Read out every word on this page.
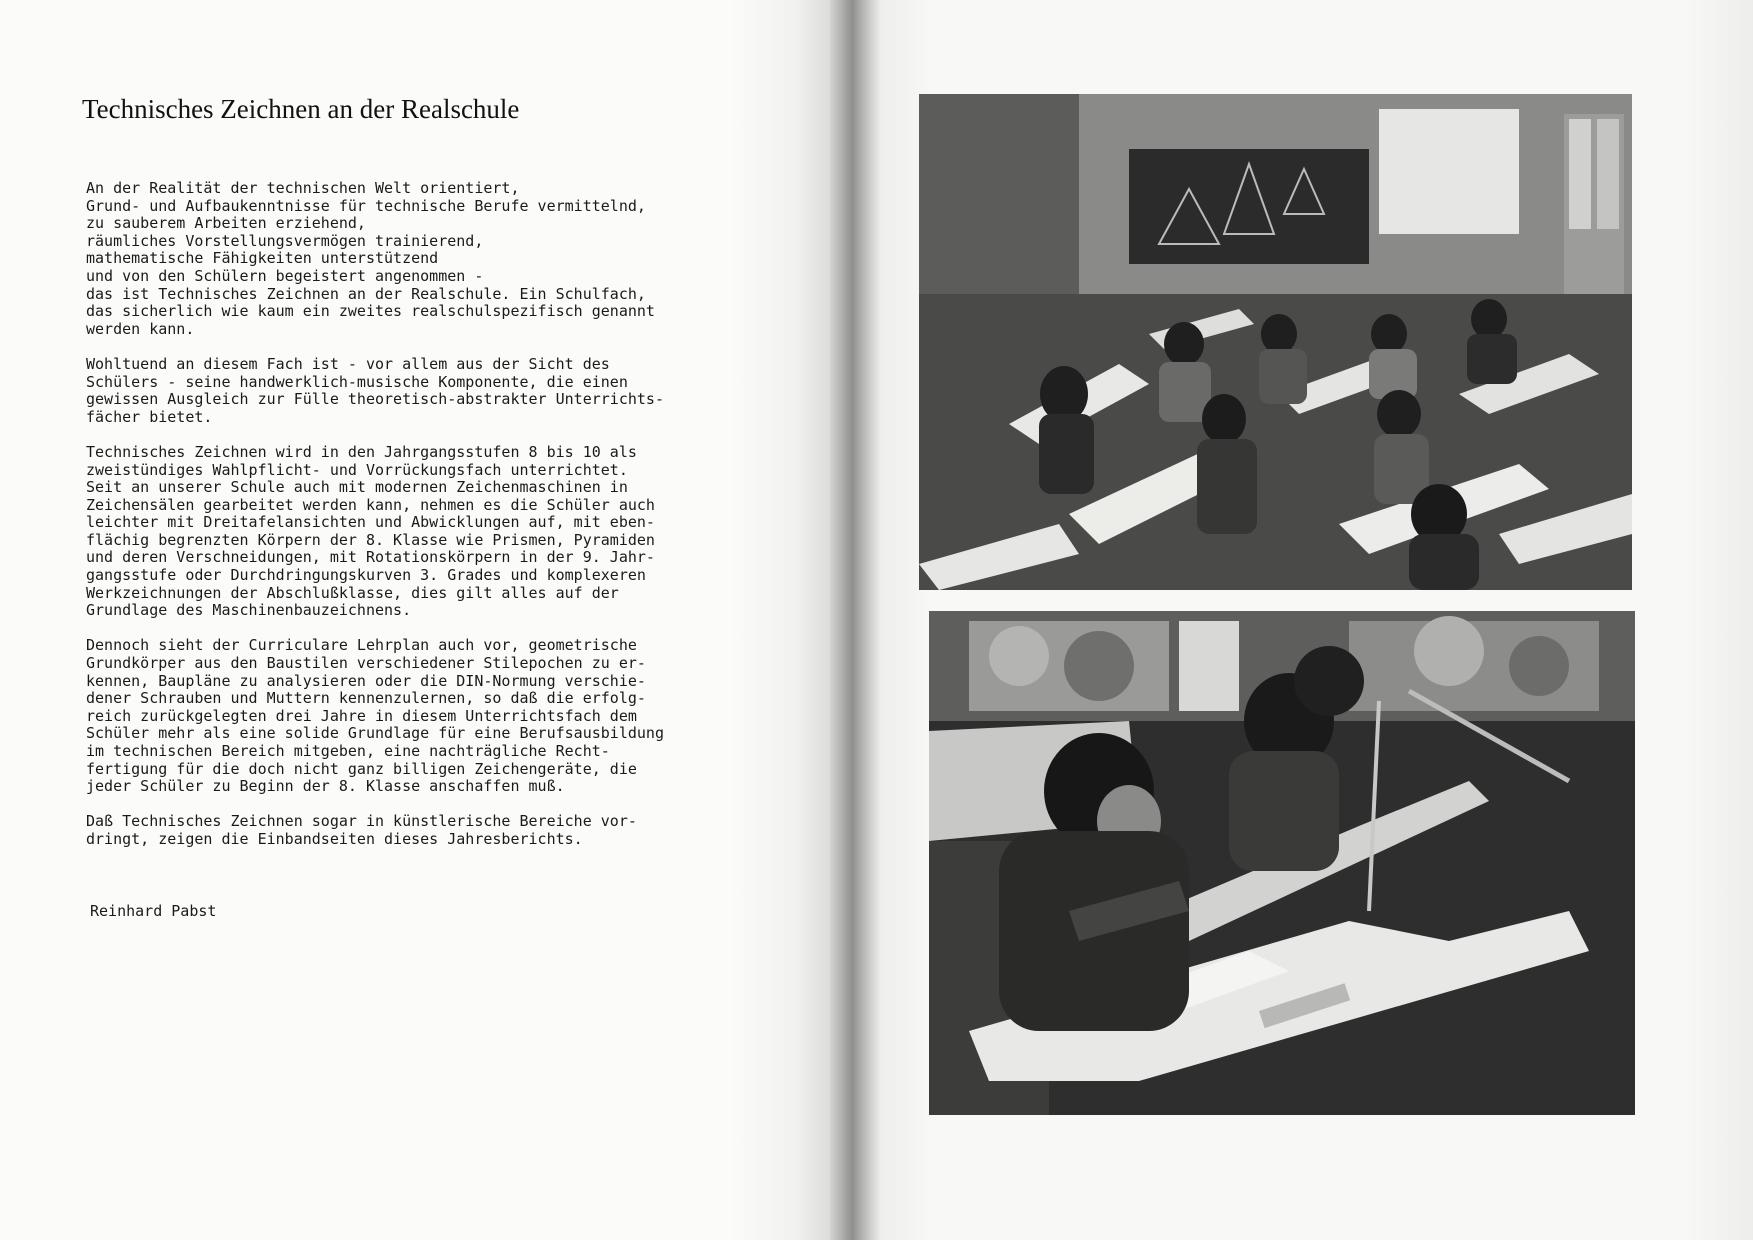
Technisches Zeichnen an der Realschule

An der Realität der technischen Welt orientiert,
Grund- und Aufbaukenntnisse für technische Berufe vermittelnd,
zu sauberem Arbeiten erziehend,
räumliches Vorstellungsvermögen trainierend,
mathematische Fähigkeiten unterstützend
und von den Schülern begeistert angenommen -
das ist Technisches Zeichnen an der Realschule. Ein Schulfach,
das sicherlich wie kaum ein zweites realschulspezifisch genannt
werden kann.

Wohltuend an diesem Fach ist - vor allem aus der Sicht des
Schülers - seine handwerklich-musische Komponente, die einen
gewissen Ausgleich zur Fülle theoretisch-abstrakter Unterrichts-
fächer bietet.

Technisches Zeichnen wird in den Jahrgangsstufen 8 bis 10 als
zweistündiges Wahlpflicht- und Vorrückungsfach unterrichtet.
Seit an unserer Schule auch mit modernen Zeichenmaschinen in
Zeichensälen gearbeitet werden kann, nehmen es die Schüler auch
leichter mit Dreitafelansichten und Abwicklungen auf, mit eben-
flächig begrenzten Körpern der 8. Klasse wie Prismen, Pyramiden
und deren Verschneidungen, mit Rotationskörpern in der 9. Jahr-
gangsstufe oder Durchdringungskurven 3. Grades und komplexeren
Werkzeichnungen der Abschlußklasse, dies gilt alles auf der
Grundlage des Maschinenbauzeichnens.

Dennoch sieht der Curriculare Lehrplan auch vor, geometrische
Grundkörper aus den Baustilen verschiedener Stilepochen zu er-
kennen, Baupläne zu analysieren oder die DIN-Normung verschie-
dener Schrauben und Muttern kennenzulernen, so daß die erfolg-
reich zurückgelegten drei Jahre in diesem Unterrichtsfach dem
Schüler mehr als eine solide Grundlage für eine Berufsausbildung
im technischen Bereich mitgeben, eine nachträgliche Recht-
fertigung für die doch nicht ganz billigen Zeichengeräte, die
jeder Schüler zu Beginn der 8. Klasse anschaffen muß.

Daß Technisches Zeichnen sogar in künstlerische Bereiche vor-
dringt, zeigen die Einbandseiten dieses Jahresberichts.

Reinhard Pabst
